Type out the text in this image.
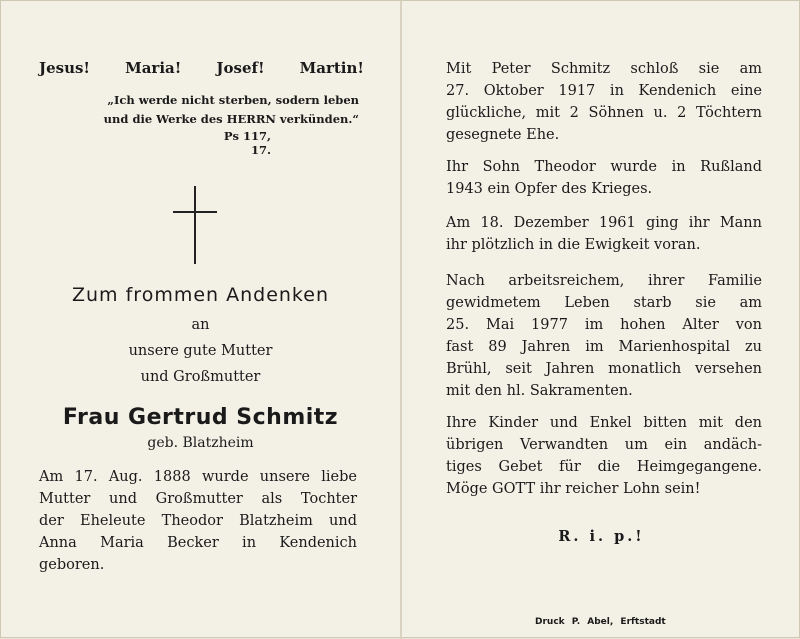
Jesus! Maria! Josef! Martin!
„Ich werde nicht sterben, sodern leben
und die Werke des HERRN verkünden.“
Ps 117, 17.
Zum frommen Andenken
an
unsere gute Mutter
und Großmutter
Frau Gertrud Schmitz
geb. Blatzheim
Am 17. Aug. 1888 wurde unsere liebe
Mutter und Großmutter als Tochter
der Eheleute Theodor Blatzheim und
Anna Maria Becker in Kendenich
geboren.
Mit Peter Schmitz schloß sie am
27. Oktober 1917 in Kendenich eine
glückliche, mit 2 Söhnen u. 2 Töchtern
gesegnete Ehe.
Ihr Sohn Theodor wurde in Rußland
1943 ein Opfer des Krieges.
Am 18. Dezember 1961 ging ihr Mann
ihr plötzlich in die Ewigkeit voran.
Nach arbeitsreichem, ihrer Familie
gewidmetem Leben starb sie am
25. Mai 1977 im hohen Alter von
fast 89 Jahren im Marienhospital zu
Brühl, seit Jahren monatlich versehen
mit den hl. Sakramenten.
Ihre Kinder und Enkel bitten mit den
übrigen Verwandten um ein andäch-
tiges Gebet für die Heimgegangene.
Möge GOTT ihr reicher Lohn sein!
R. i. p.!
Druck P. Abel, Erftstadt
